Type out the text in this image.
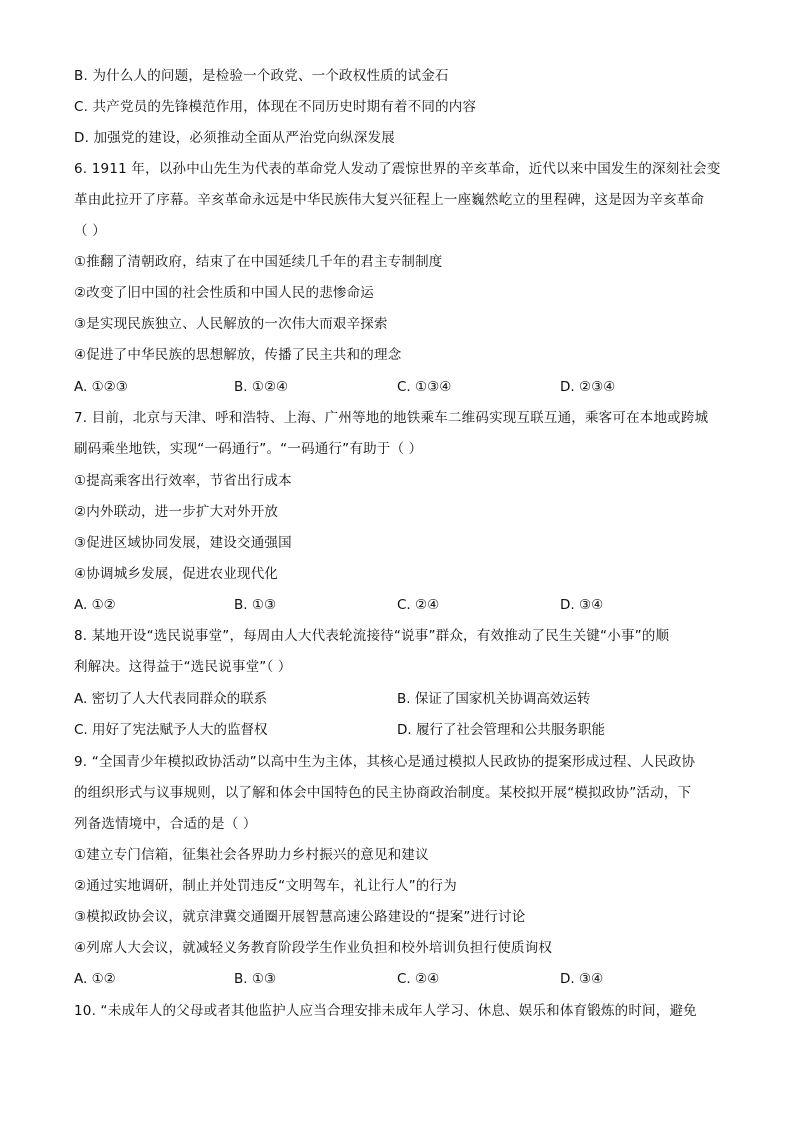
B. 为什么人的问题，是检验一个政党、一个政权性质的试金石
C. 共产党员的先锋模范作用，体现在不同历史时期有着不同的内容
D. 加强党的建设，必须推动全面从严治党向纵深发展
6. 1911 年，以孙中山先生为代表的革命党人发动了震惊世界的辛亥革命，近代以来中国发生的深刻社会变
革由此拉开了序幕。辛亥革命永远是中华民族伟大复兴征程上一座巍然屹立的里程碑，这是因为辛亥革命
（ ）
①推翻了清朝政府，结束了在中国延续几千年的君主专制制度
②改变了旧中国的社会性质和中国人民的悲惨命运
③是实现民族独立、人民解放的一次伟大而艰辛探索
④促进了中华民族的思想解放，传播了民主共和的理念
A. ①②③	B. ①②④	C. ①③④	D. ②③④
7. 目前，北京与天津、呼和浩特、上海、广州等地的地铁乘车二维码实现互联互通，乘客可在本地或跨城
刷码乘坐地铁，实现“一码通行”。“一码通行”有助于（ ）
①提高乘客出行效率，节省出行成本
②内外联动，进一步扩大对外开放
③促进区域协同发展，建设交通强国
④协调城乡发展，促进农业现代化
A. ①②	B. ①③	C. ②④	D. ③④
8. 某地开设“选民说事堂”，每周由人大代表轮流接待“说事”群众，有效推动了民生关键“小事”的顺
利解决。这得益于“选民说事堂”（ ）
A. 密切了人大代表同群众的联系	B. 保证了国家机关协调高效运转
C. 用好了宪法赋予人大的监督权	D. 履行了社会管理和公共服务职能
9. “全国青少年模拟政协活动”以高中生为主体，其核心是通过模拟人民政协的提案形成过程、人民政协
的组织形式与议事规则，以了解和体会中国特色的民主协商政治制度。某校拟开展“模拟政协”活动，下
列备选情境中，合适的是（ ）
①建立专门信箱，征集社会各界助力乡村振兴的意见和建议
②通过实地调研，制止并处罚违反“文明驾车，礼让行人”的行为
③模拟政协会议，就京津冀交通圈开展智慧高速公路建设的“提案”进行讨论
④列席人大会议，就减轻义务教育阶段学生作业负担和校外培训负担行使质询权
A. ①②	B. ①③	C. ②④	D. ③④
10. “未成年人的父母或者其他监护人应当合理安排未成年人学习、休息、娱乐和体育锻炼的时间，避免
